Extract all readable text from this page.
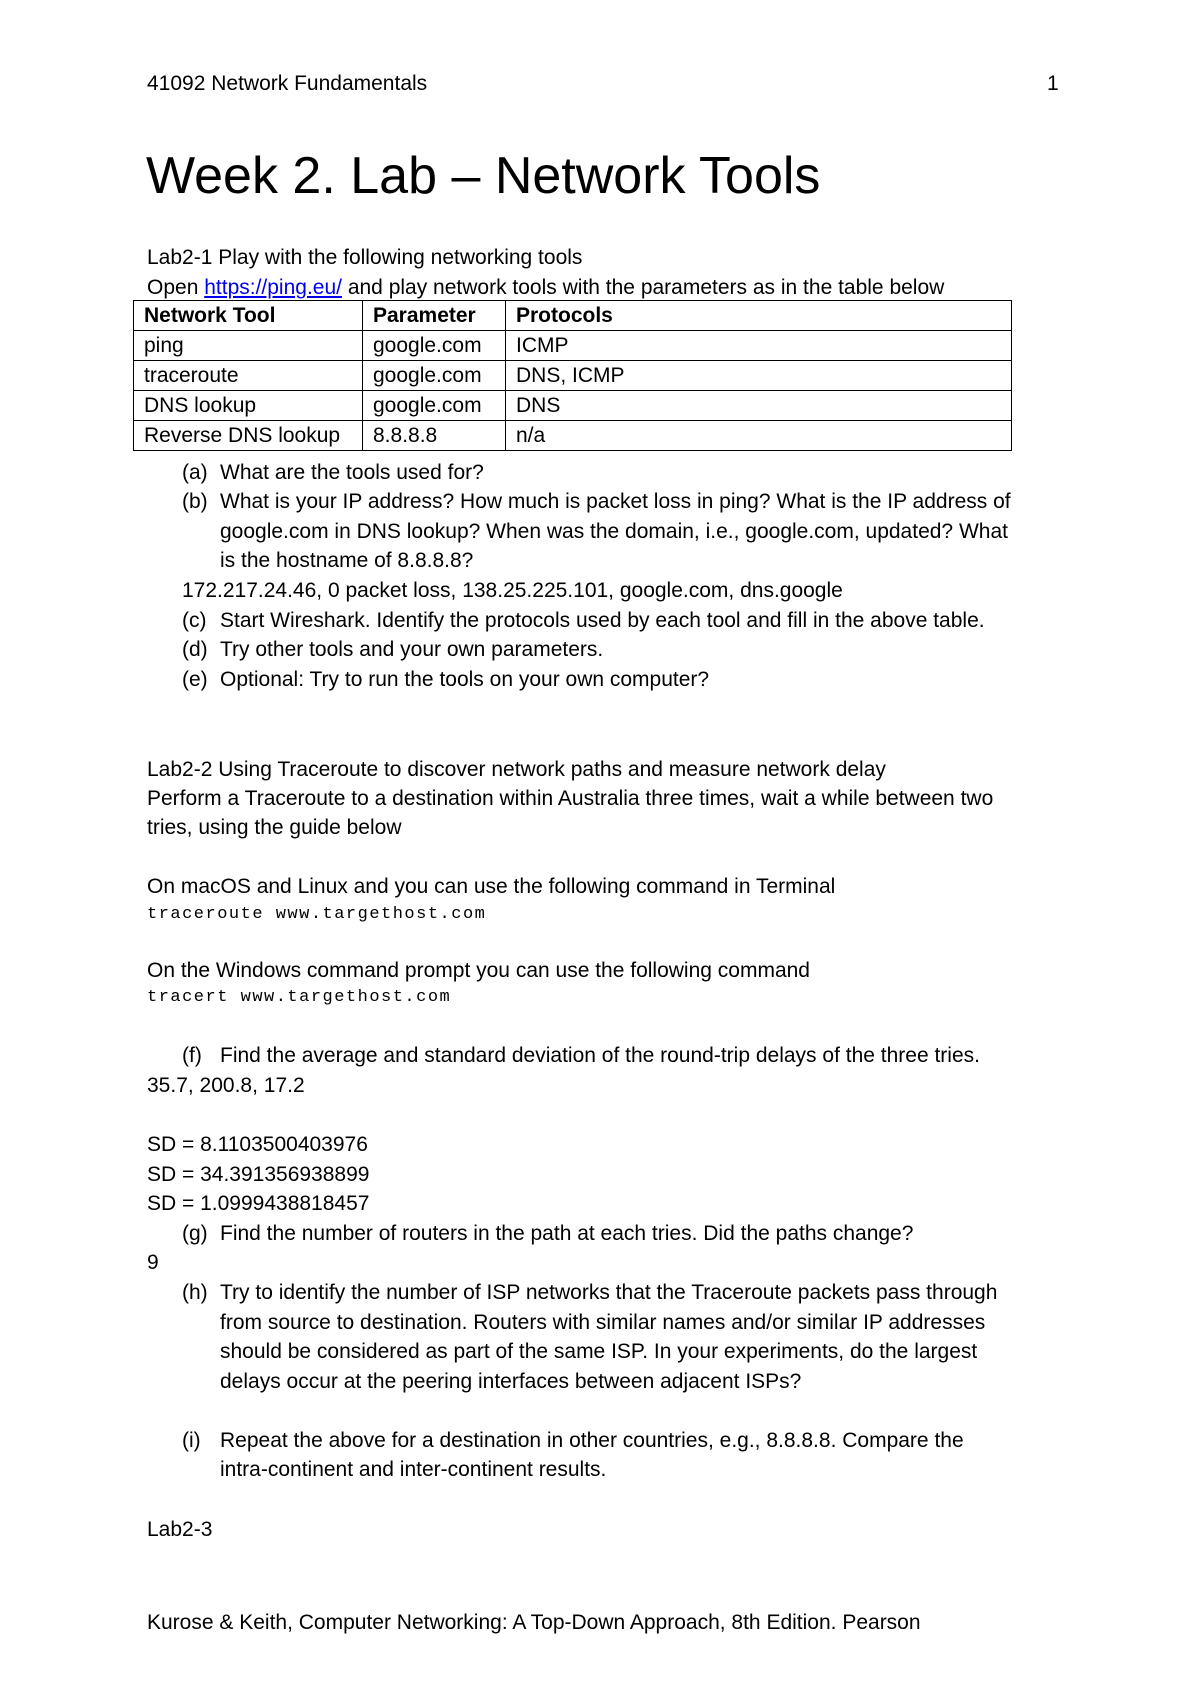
41092 Network Fundamentals	1
Week 2. Lab – Network Tools
Lab2-1 Play with the following networking tools
Open https://ping.eu/ and play network tools with the parameters as in the table below
Network Tool	Parameter	Protocols
ping	google.com	ICMP
traceroute	google.com	DNS, ICMP
DNS lookup	google.com	DNS
Reverse DNS lookup	8.8.8.8	n/a
(a) What are the tools used for?
(b) What is your IP address? How much is packet loss in ping? What is the IP address of
google.com in DNS lookup? When was the domain, i.e., google.com, updated? What
is the hostname of 8.8.8.8?
172.217.24.46, 0 packet loss, 138.25.225.101, google.com, dns.google
(c) Start Wireshark. Identify the protocols used by each tool and fill in the above table.
(d) Try other tools and your own parameters.
(e) Optional: Try to run the tools on your own computer?
Lab2-2 Using Traceroute to discover network paths and measure network delay
Perform a Traceroute to a destination within Australia three times, wait a while between two
tries, using the guide below
On macOS and Linux and you can use the following command in Terminal
traceroute www.targethost.com
On the Windows command prompt you can use the following command
tracert www.targethost.com
(f) Find the average and standard deviation of the round-trip delays of the three tries.
35.7, 200.8, 17.2
SD = 8.1103500403976
SD = 34.391356938899
SD = 1.0999438818457
(g) Find the number of routers in the path at each tries. Did the paths change?
9
(h) Try to identify the number of ISP networks that the Traceroute packets pass through
from source to destination. Routers with similar names and/or similar IP addresses
should be considered as part of the same ISP. In your experiments, do the largest
delays occur at the peering interfaces between adjacent ISPs?
(i) Repeat the above for a destination in other countries, e.g., 8.8.8.8. Compare the
intra-continent and inter-continent results.
Lab2-3
Kurose & Keith, Computer Networking: A Top-Down Approach, 8th Edition. Pearson
